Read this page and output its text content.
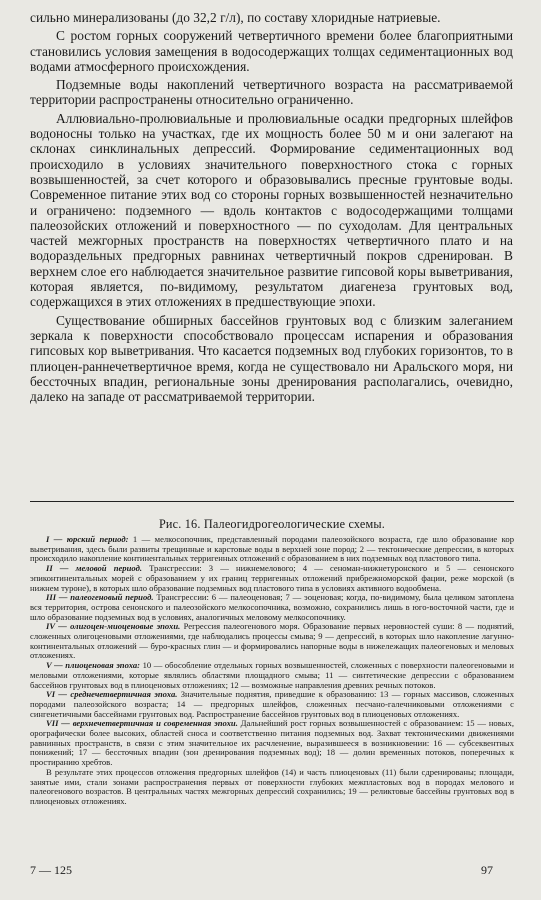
сильно минерализованы (до 32,2 г/л), по составу хлоридные натриевые.

С ростом горных сооружений четвертичного времени более благоприятными становились условия замещения в водосодержащих толщах седиментационных вод водами атмосферного происхождения.

Подземные воды накоплений четвертичного возраста на рассматриваемой территории распространены относительно ограниченно.

Аллювиально-пролювиальные и пролювиальные осадки предгорных шлейфов водоносны только на участках, где их мощность более 50 м и они залегают на склонах синклинальных депрессий. Формирование седиментационных вод происходило в условиях значительного поверхностного стока с горных возвышенностей, за счет которого и образовывались пресные грунтовые воды. Современное питание этих вод со стороны горных возвышенностей незначительно и ограничено: подземного — вдоль контактов с водосодержащими толщами палеозойских отложений и поверхностного — по суходолам. Для центральных частей межгорных пространств на поверхностях четвертичного плато и на водораздельных предгорных равнинах четвертичный покров сдренирован. В верхнем слое его наблюдается значительное развитие гипсовой коры выветривания, которая является, по-видимому, результатом диагенеза грунтовых вод, содержащихся в этих отложениях в предшествующие эпохи.

Существование обширных бассейнов грунтовых вод с близким залеганием зеркала к поверхности способствовало процессам испарения и образования гипсовых кор выветривания. Что касается подземных вод глубоких горизонтов, то в плиоцен-раннечетвертичное время, когда не существовало ни Аральского моря, ни бессточных впадин, региональные зоны дренирования располагались, очевидно, далеко на западе от рассматриваемой территории.

Рис. 16. Палеогидрогеологические схемы.

I — юрский период: 1 — мелкосопочник, представленный породами палеозойского возраста, где шло образование кор выветривания, здесь были развиты трещинные и карстовые воды в верхней зоне пород; 2 — тектонические депрессии, в которых происходило накопление континентальных терригенных отложений с образованием в них подземных вод пластового типа.

II — меловой период. Трансгрессии: 3 — нижнемелового; 4 — сеноман-нижнетуронского и 5 — сенонского эпиконтинентальных морей с образованием у их границ терригенных отложений прибрежноморской фации, реже морской (в нижнем туроне), в которых шло образование подземных вод пластового типа в условиях активного водообмена.

III — палеогеновый период. Трансгрессии: 6 — палеоценовая; 7 — эоценовая; когда, по-видимому, была целиком затоплена вся территория, острова сенонского и палеозойского мелкосопочника, возможно, сохранились лишь в юго-восточной части, где и шло образование подземных вод в условиях, аналогичных меловому мелкосопочнику.

IV — олигоцен-миоценовые эпохи. Регрессия палеогенового моря. Образование первых неровностей суши: 8 — поднятий, сложенных олигоценовыми отложениями, где наблюдались процессы смыва; 9 — депрессий, в которых шло накопление лагунно-континентальных отложений — буро-красных глин — и формировались напорные воды в нижележащих палеогеновых и меловых отложениях.

V — плиоценовая эпоха: 10 — обособление отдельных горных возвышенностей, сложенных с поверхности палеогеновыми и меловыми отложениями, которые являлись областями площадного смыва; 11 — синтетические депрессии с образованием бассейнов грунтовых вод в плиоценовых отложениях; 12 — возможные направления древних речных потоков.

VI — среднечетвертичная эпоха. Значительные поднятия, приведшие к образованию: 13 — горных массивов, сложенных породами палеозойского возраста; 14 — предгорных шлейфов, сложенных песчано-галечниковыми отложениями с сингенетичными бассейнами грунтовых вод. Распространение бассейнов грунтовых вод в плиоценовых отложениях.

VII — верхнечетвертичная и современная эпохи. Дальнейший рост горных возвышенностей с образованием: 15 — новых, орографически более высоких, областей сноса и соответственно питания подземных вод. Захват тектоническими движениями равнинных пространств, в связи с этим значительное их расчленение, выразившееся в возникновении: 16 — субсеквентных понижений; 17 — бессточных впадин (зон дренирования подземных вод); 18 — долин временных потоков, поперечных к простиранию хребтов.

В результате этих процессов отложения предгорных шлейфов (14) и часть плиоценовых (11) были сдренированы; площади, занятые ими, стали зонами распространения первых от поверхности глубоких межпластовых вод в породах мелового и палеогенового возрастов. В центральных частях межгорных депрессий сохранились; 19 — реликтовые бассейны грунтовых вод в плиоценовых отложениях.

7 — 125	97
